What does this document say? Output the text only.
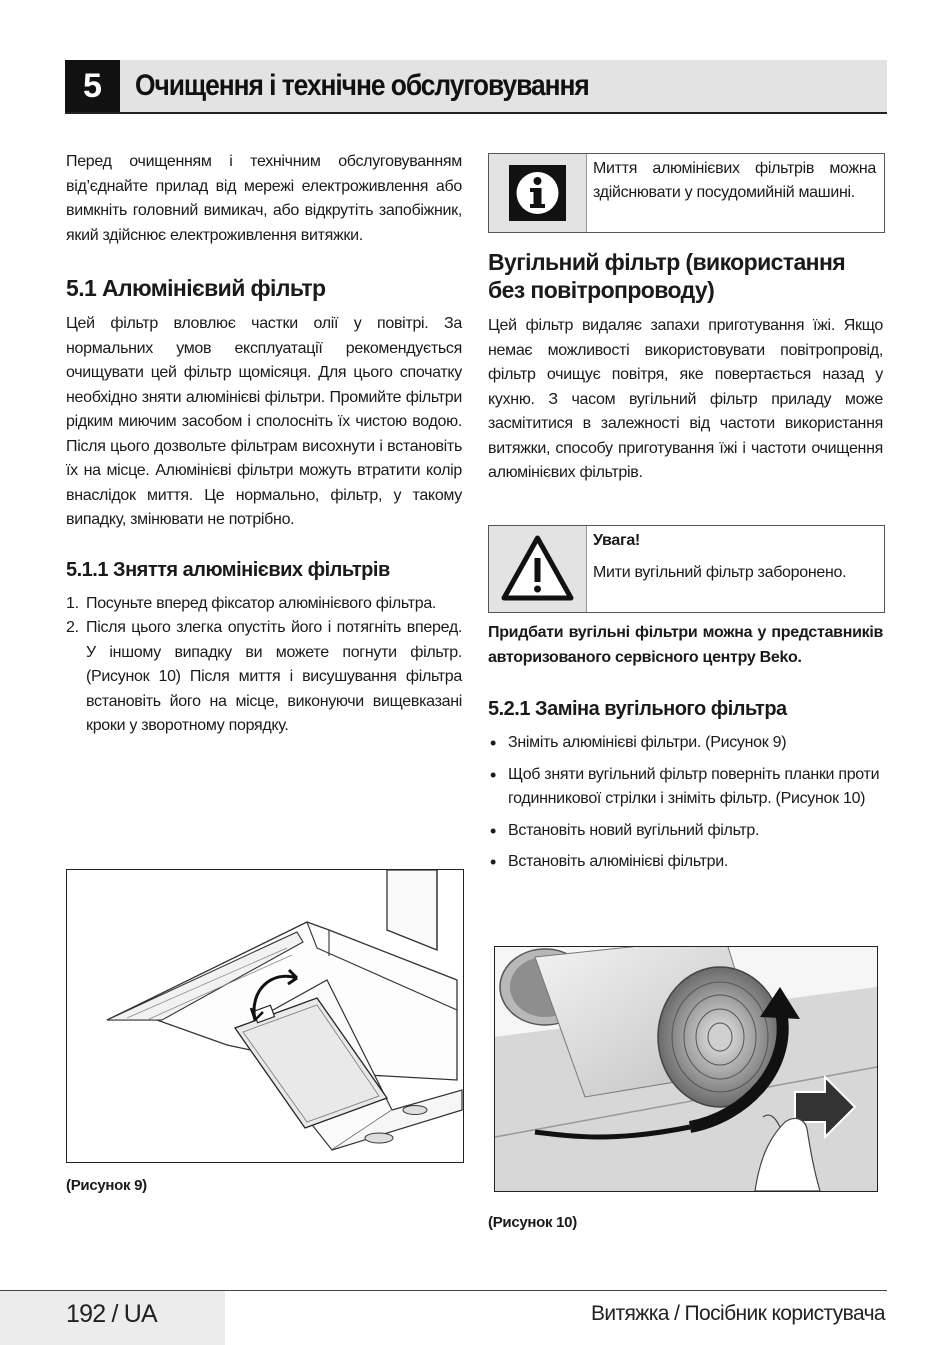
5	Очищення і технічне обслуговування

Перед очищенням і технічним обслуговуванням від’єднайте прилад від мережі електроживлення або вимкніть головний вимикач, або відкрутіть запобіжник, який здійснює електроживлення витяжки.

5.1 Алюмінієвий фільтр

Цей фільтр вловлює частки олії у повітрі. За нормальних умов експлуатації рекомендується очищувати цей фільтр щомісяця. Для цього спочатку необхідно зняти алюмінієві фільтри. Промийте фільтри рідким миючим засобом і сполосніть їх чистою водою. Після цього дозвольте фільтрам висохнути і встановіть їх на місце. Алюмінієві фільтри можуть втратити колір внаслідок миття. Це нормально, фільтр, у такому випадку, змінювати не потрібно.

5.1.1 Зняття алюмінієвих фільтрів
1. Посуньте вперед фіксатор алюмінієвого фільтра.
2. Після цього злегка опустіть його і потягніть вперед. У іншому випадку ви можете погнути фільтр. (Рисунок 10) Після миття і висушування фільтра встановіть його на місце, виконуючи вищевказані кроки у зворотному порядку.
(Рисунок 9)

Миття алюмінієвих фільтрів можна здійснювати у посудомийній машині.

Вугільний фільтр (використання без повітропроводу)

Цей фільтр видаляє запахи приготування їжі. Якщо немає можливості використовувати повітропровід, фільтр очищує повітря, яке повертається назад у кухню. З часом вугільний фільтр приладу може засмітитися в залежності від частоти використання витяжки, способу приготування їжі і частоти очищення алюмінієвих фільтрів.

Увага!

Мити вугільний фільтр заборонено.

Придбати вугільні фільтри можна у представників авторизованого сервісного центру Beko.

5.2.1 Заміна вугільного фільтра
• Зніміть алюмінієві фільтри. (Рисунок 9)
• Щоб зняти вугільний фільтр поверніть планки проти годинникової стрілки і зніміть фільтр. (Рисунок 10)
• Встановіть новий вугільний фільтр.
• Встановіть алюмінієві фільтри.
(Рисунок 10)
192 / UA	Витяжка / Посібник користувача
